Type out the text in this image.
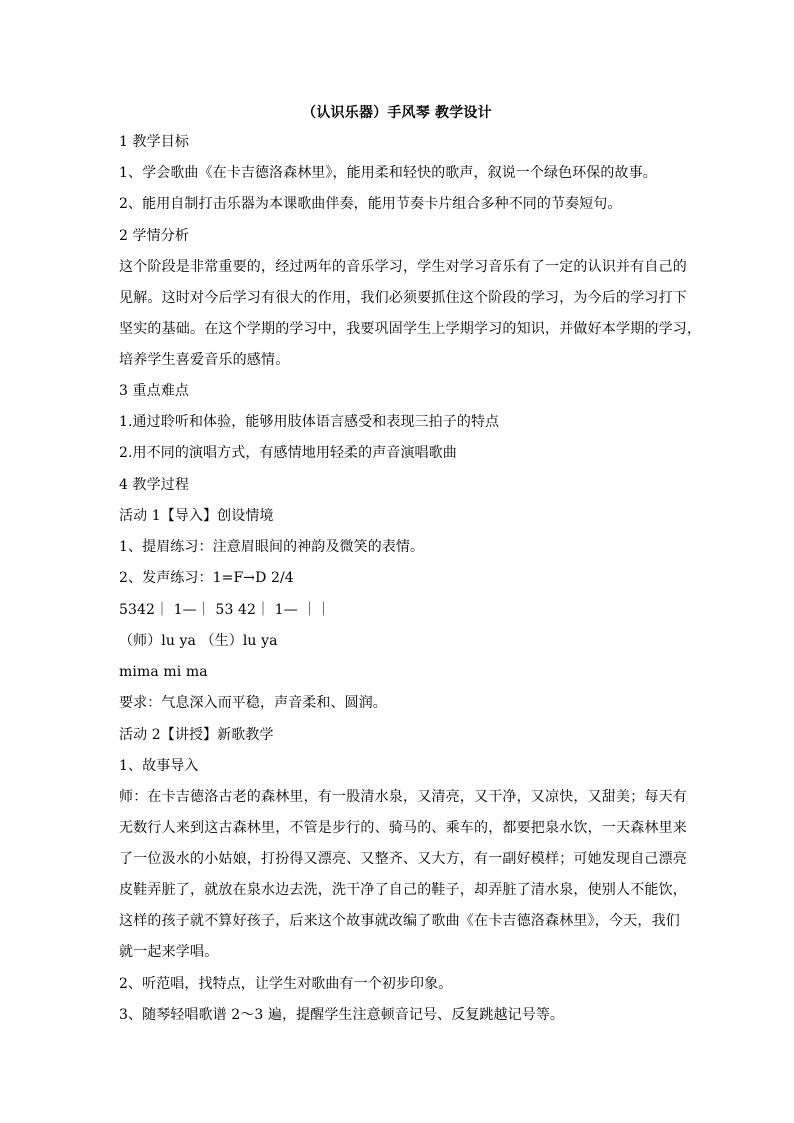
（认识乐器）手风琴 教学设计
1 教学目标
1、学会歌曲《在卡吉德洛森林里》，能用柔和轻快的歌声，叙说一个绿色环保的故事。
2、能用自制打击乐器为本课歌曲伴奏，能用节奏卡片组合多种不同的节奏短句。
2 学情分析
这个阶段是非常重要的，经过两年的音乐学习，学生对学习音乐有了一定的认识并有自己的
见解。这时对今后学习有很大的作用，我们必须要抓住这个阶段的学习，为今后的学习打下
坚实的基础。在这个学期的学习中，我要巩固学生上学期学习的知识，并做好本学期的学习，
培养学生喜爱音乐的感情。
3 重点难点
1.通过聆听和体验，能够用肢体语言感受和表现三拍子的特点
2.用不同的演唱方式，有感情地用轻柔的声音演唱歌曲
4 教学过程
活动 1【导入】创设情境
1、提眉练习：注意眉眼间的神韵及微笑的表情。
2、发声练习：1=F→D 2/4
5342｜ 1—｜ 53 42｜ 1— ｜｜
（师）lu ya （生）lu ya
mima mi ma
要求：气息深入而平稳，声音柔和、圆润。
活动 2【讲授】新歌教学
1、故事导入
师：在卡吉德洛古老的森林里，有一股清水泉，又清亮，又干净，又凉快，又甜美；每天有
无数行人来到这古森林里，不管是步行的、骑马的、乘车的，都要把泉水饮，一天森林里来
了一位汲水的小姑娘，打扮得又漂亮、又整齐、又大方，有一副好模样；可她发现自己漂亮
皮鞋弄脏了，就放在泉水边去洗，洗干净了自己的鞋子，却弄脏了清水泉，使别人不能饮，
这样的孩子就不算好孩子，后来这个故事就改编了歌曲《在卡吉德洛森林里》，今天，我们
就一起来学唱。
2、听范唱，找特点，让学生对歌曲有一个初步印象。
3、随琴轻唱歌谱 2～3 遍，提醒学生注意顿音记号、反复跳越记号等。
